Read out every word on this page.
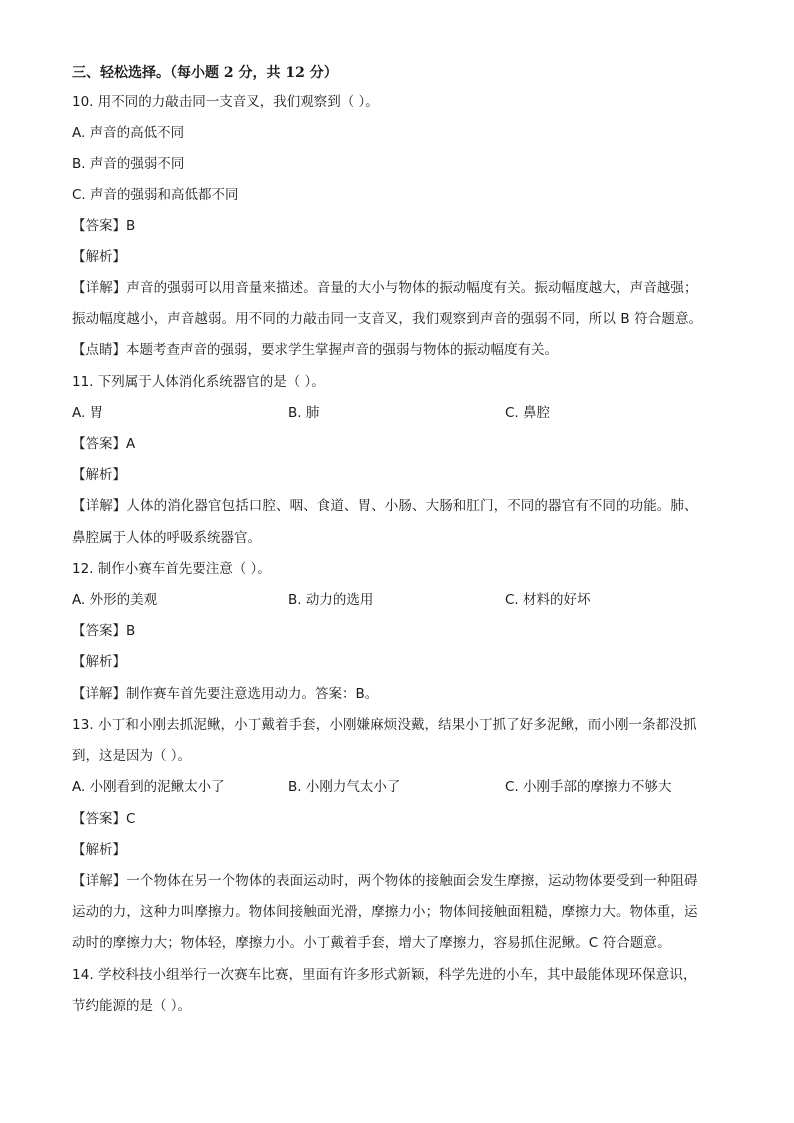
三、轻松选择。（每小题 2 分，共 12 分）
10. 用不同的力敲击同一支音叉，我们观察到（ ）。
A. 声音的高低不同
B. 声音的强弱不同
C. 声音的强弱和高低都不同
【答案】B
【解析】
【详解】声音的强弱可以用音量来描述。音量的大小与物体的振动幅度有关。振动幅度越大，声音越强；
振动幅度越小，声音越弱。用不同的力敲击同一支音叉，我们观察到声音的强弱不同，所以 B 符合题意。
【点睛】本题考查声音的强弱，要求学生掌握声音的强弱与物体的振动幅度有关。
11. 下列属于人体消化系统器官的是（ ）。
A. 胃	B. 肺	C. 鼻腔
【答案】A
【解析】
【详解】人体的消化器官包括口腔、咽、食道、胃、小肠、大肠和肛门，不同的器官有不同的功能。肺、
鼻腔属于人体的呼吸系统器官。
12. 制作小赛车首先要注意（ ）。
A. 外形的美观	B. 动力的选用	C. 材料的好坏
【答案】B
【解析】
【详解】制作赛车首先要注意选用动力。答案：B。
13. 小丁和小刚去抓泥鳅，小丁戴着手套，小刚嫌麻烦没戴，结果小丁抓了好多泥鳅，而小刚一条都没抓
到，这是因为（ ）。
A. 小刚看到的泥鳅太小了	B. 小刚力气太小了	C. 小刚手部的摩擦力不够大
【答案】C
【解析】
【详解】一个物体在另一个物体的表面运动时，两个物体的接触面会发生摩擦，运动物体要受到一种阻碍
运动的力，这种力叫摩擦力。物体间接触面光滑，摩擦力小；物体间接触面粗糙，摩擦力大。物体重，运
动时的摩擦力大；物体轻，摩擦力小。小丁戴着手套，增大了摩擦力，容易抓住泥鳅。C 符合题意。
14. 学校科技小组举行一次赛车比赛，里面有许多形式新颖，科学先进的小车，其中最能体现环保意识，
节约能源的是（ ）。
